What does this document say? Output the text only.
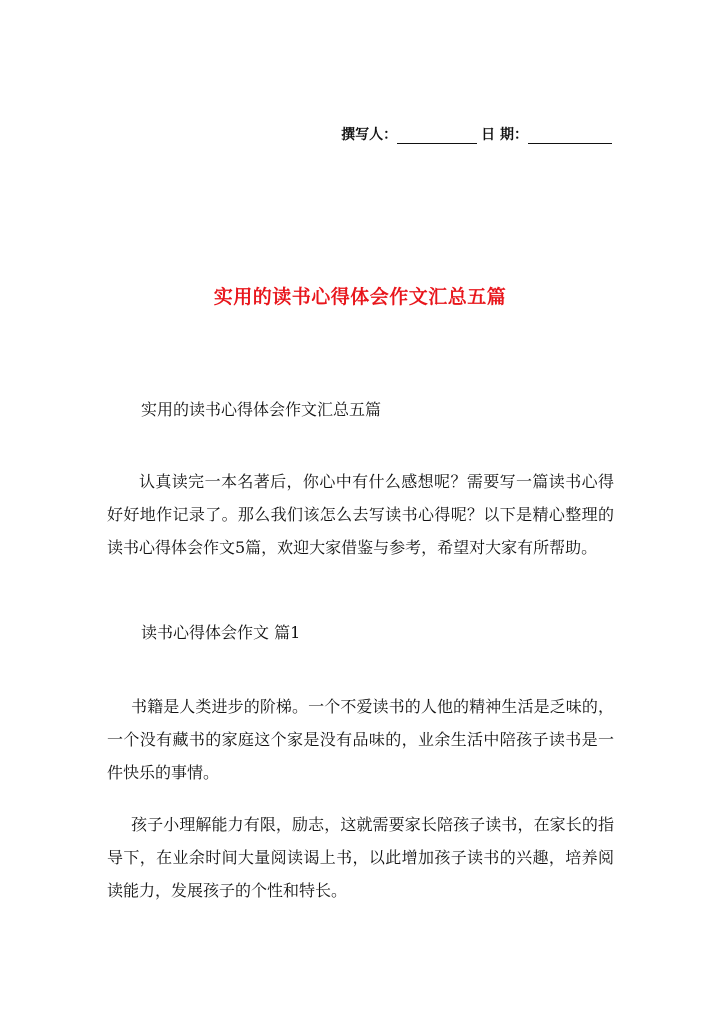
撰写人：	日 期：
实用的读书心得体会作文汇总五篇
实用的读书心得体会作文汇总五篇

认真读完一本名著后，你心中有什么感想呢？需要写一篇读书心得好好地作记录了。那么我们该怎么去写读书心得呢？以下是精心整理的读书心得体会作文5篇，欢迎大家借鉴与参考，希望对大家有所帮助。

读书心得体会作文 篇1

书籍是人类进步的阶梯。一个不爱读书的人他的精神生活是乏味的，一个没有藏书的家庭这个家是没有品味的，业余生活中陪孩子读书是一件快乐的事情。

孩子小理解能力有限，励志，这就需要家长陪孩子读书，在家长的指导下，在业余时间大量阅读谒上书，以此增加孩子读书的兴趣，培养阅读能力，发展孩子的个性和特长。
